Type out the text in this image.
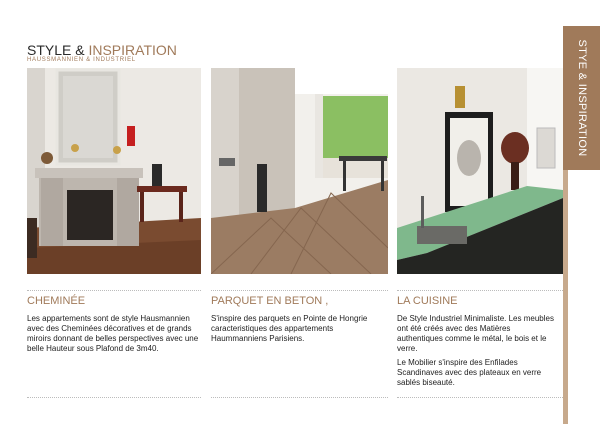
STYE & INSPIRATION
STYLE & INSPIRATION
HAUSSMANNIEN & INDUSTRIEL
CHEMINÉE

Les appartements sont de style Hausmannien avec des Cheminées décoratives et de grands miroirs donnant de belles perspectives avec une belle Hauteur sous Plafond de 3m40.

PARQUET EN BETON ,

S'inspire des parquets en Pointe de Hongrie caracteristiques des appartements Haummanniens Parisiens.

LA CUISINE

De Style Industriel Minimaliste. Les meubles ont été créés avec des Matières authentiques comme le métal, le bois et le verre.

Le Mobilier s'inspire des Enfilades Scandinaves avec des plateaux en verre sablés biseauté.
